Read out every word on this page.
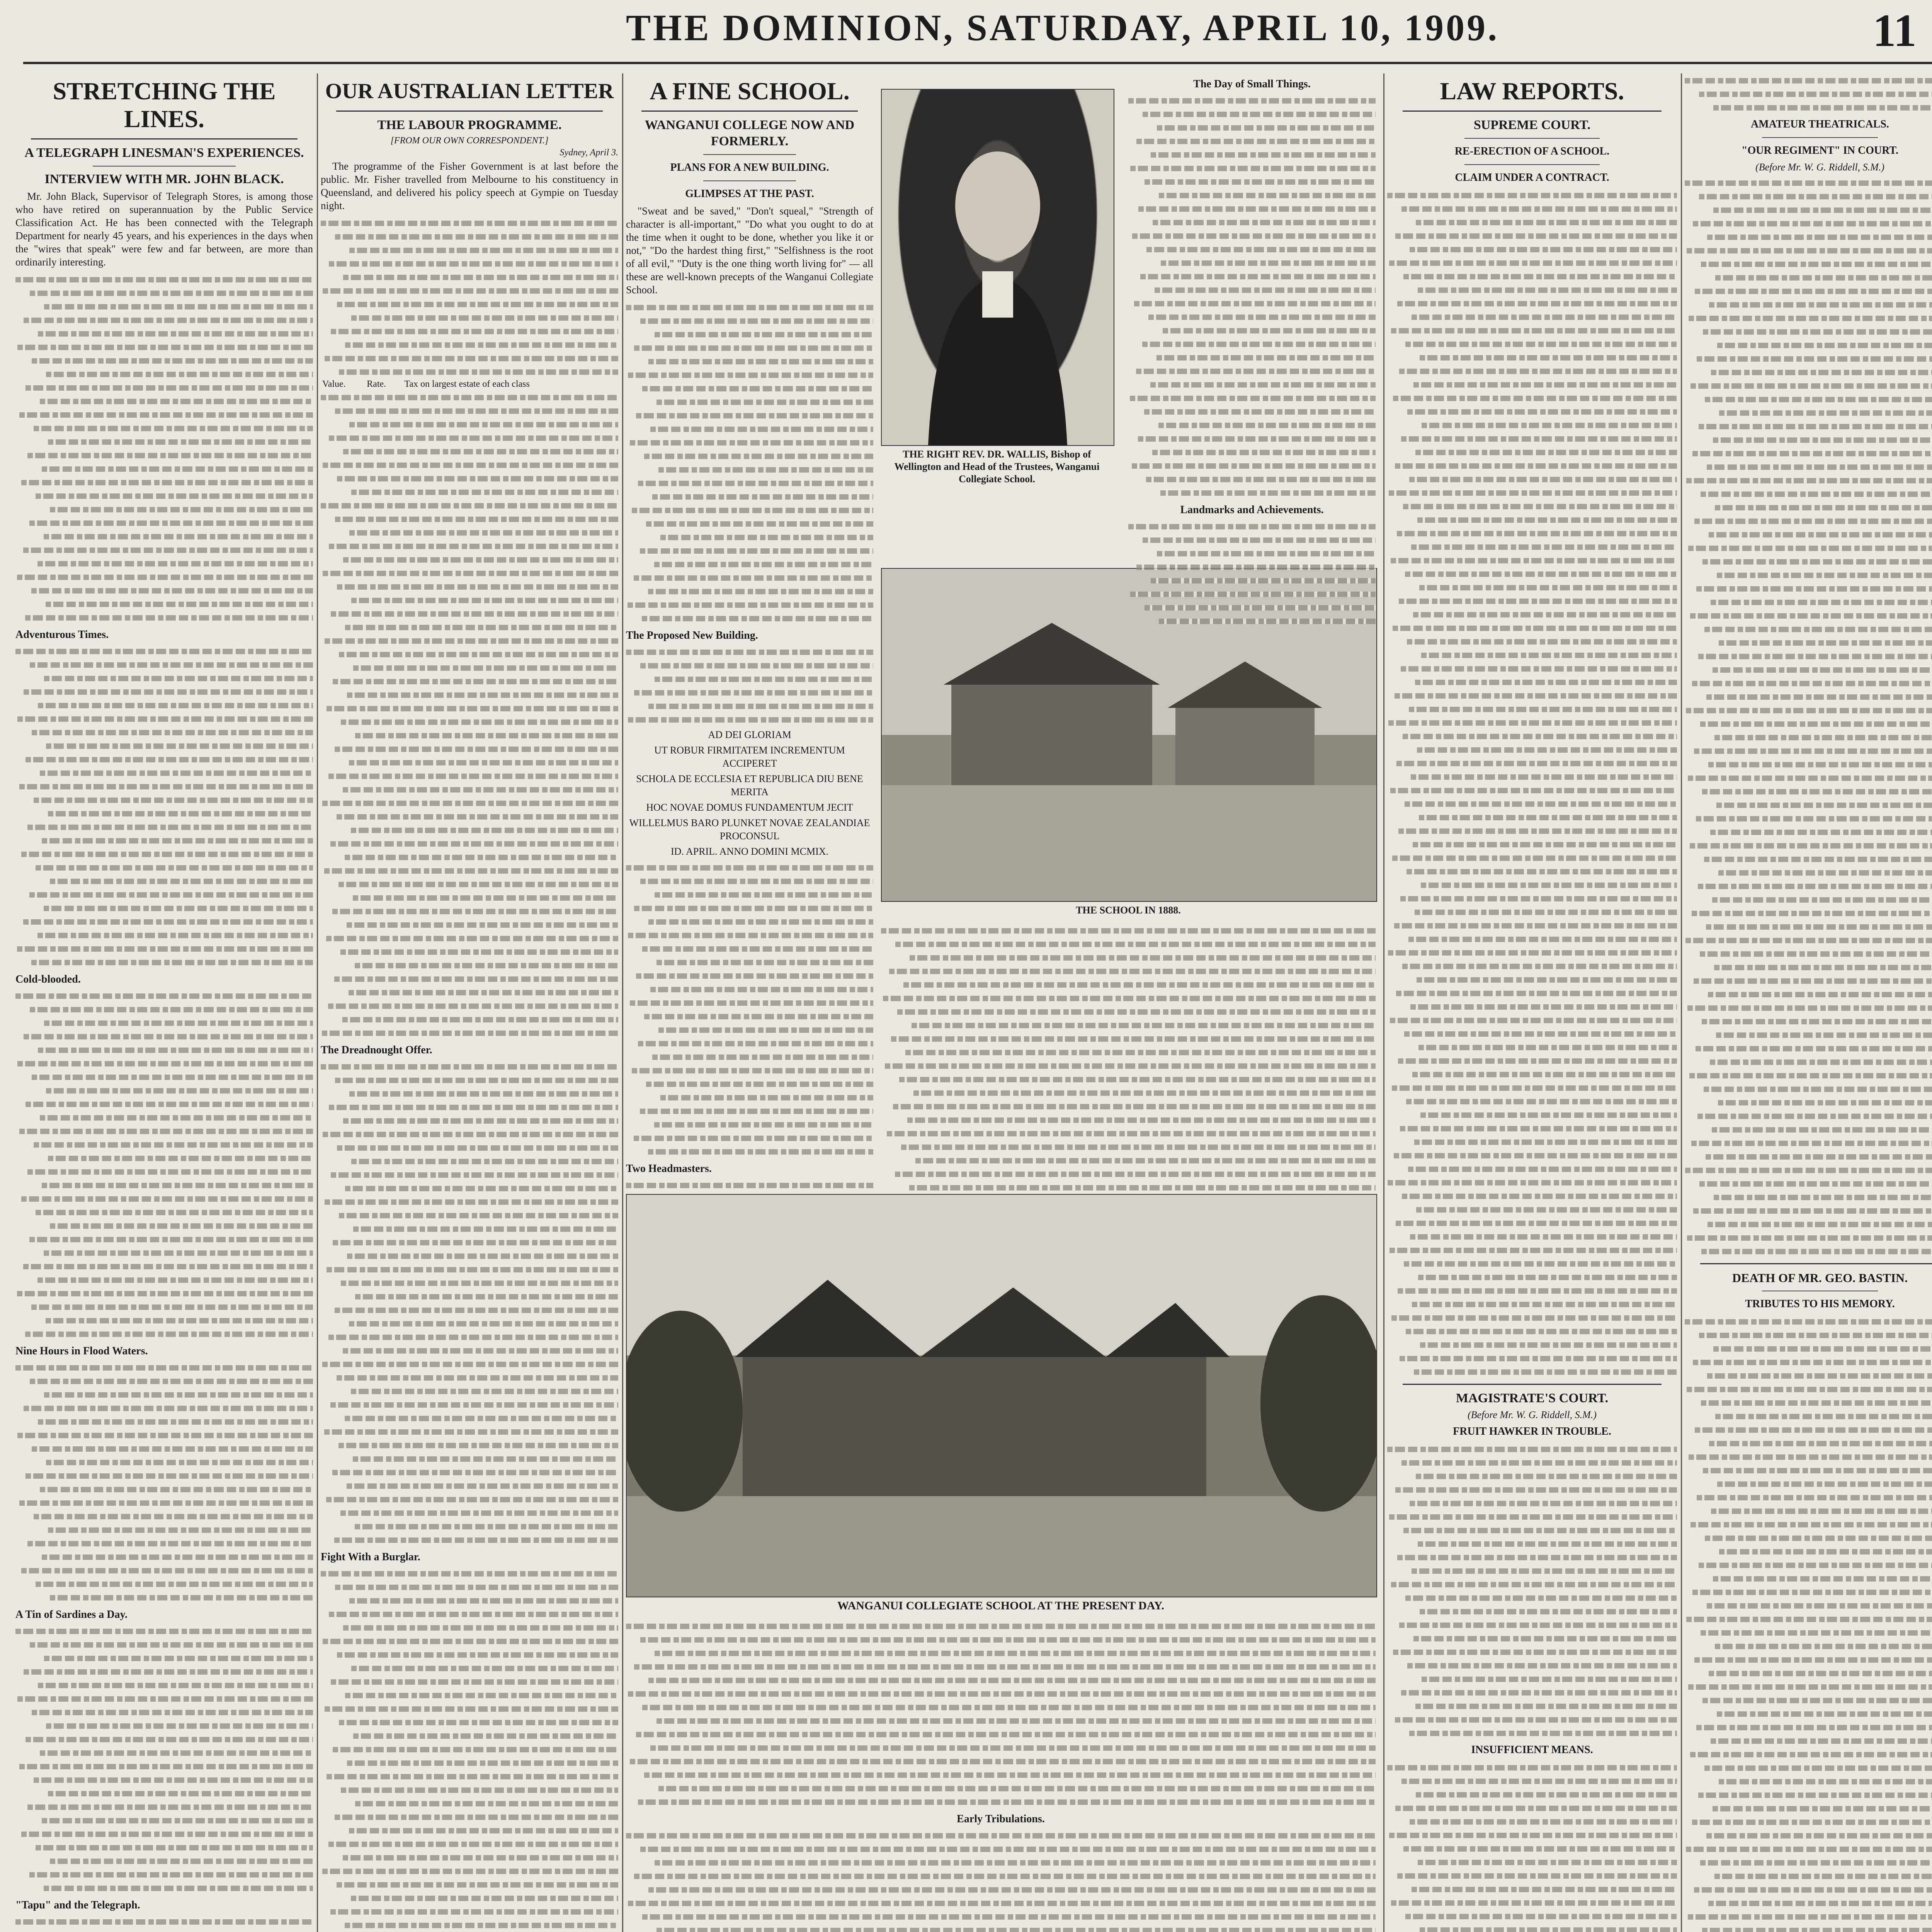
THE DOMINION, SATURDAY, APRIL 10, 1909.	11
STRETCHING THE LINES.
A TELEGRAPH LINESMAN'S EXPERIENCES.
INTERVIEW WITH MR. JOHN BLACK.

Mr. John Black, Supervisor of Telegraph Stores, is among those who have retired on superannuation by the Public Service Classification Act. He has been connected with the Telegraph Department for nearly 45 years, and his experiences in the days when the "wires that speak" were few and far between, are more than ordinarily interesting.

Adventurous Times.
Cold-blooded.
Nine Hours in Flood Waters.
A Tin of Sardines a Day.
"Tapu" and the Telegraph.

OUR AUSTRALIAN LETTER
THE LABOUR PROGRAMME.
[FROM OUR OWN CORRESPONDENT.]
Sydney, April 3.

The programme of the Fisher Government is at last before the public. Mr. Fisher travelled from Melbourne to his constituency in Queensland, and delivered his policy speech at Gympie on Tuesday night.

Value.	Rate.	Tax on largest estate of each class
The Dreadnought Offer.
Fight With a Burglar.
A FINE SCHOOL.
WANGANUI COLLEGE NOW AND FORMERLY.
PLANS FOR A NEW BUILDING.
GLIMPSES AT THE PAST.

"Sweat and be saved," "Don't squeal," "Strength of character is all-important," "Do what you ought to do at the time when it ought to be done, whether you like it or not," "Do the hardest thing first," "Selfishness is the root of all evil," "Duty is the one thing worth living for" — all these are well-known precepts of the Wanganui Collegiate School.

The Proposed New Building.
AD DEI GLORIAM
UT ROBUR FIRMITATEM INCREMENTUM ACCIPERET
SCHOLA DE ECCLESIA ET REPUBLICA DIU BENE MERITA
HOC NOVAE DOMUS FUNDAMENTUM JECIT
WILLELMUS BARO PLUNKET NOVAE ZEALANDIAE PROCONSUL
ID. APRIL. ANNO DOMINI MCMIX.
Two Headmasters.
THE RIGHT REV. DR. WALLIS, Bishop of Wellington and Head of the Trustees, Wanganui Collegiate School.
THE SCHOOL IN 1888.
WANGANUI COLLEGIATE SCHOOL AT THE PRESENT DAY.
The Day of Small Things.
Landmarks and Achievements.
Early Tribulations.
LAW REPORTS.
SUPREME COURT.
RE-ERECTION OF A SCHOOL.
CLAIM UNDER A CONTRACT.
MAGISTRATE'S COURT.
(Before Mr. W. G. Riddell, S.M.)
FRUIT HAWKER IN TROUBLE.
INSUFFICIENT MEANS.
AMATEUR THEATRICALS.
"OUR REGIMENT" IN COURT.
(Before Mr. W. G. Riddell, S.M.)
DEATH OF MR. GEO. BASTIN.
TRIBUTES TO HIS MEMORY.
